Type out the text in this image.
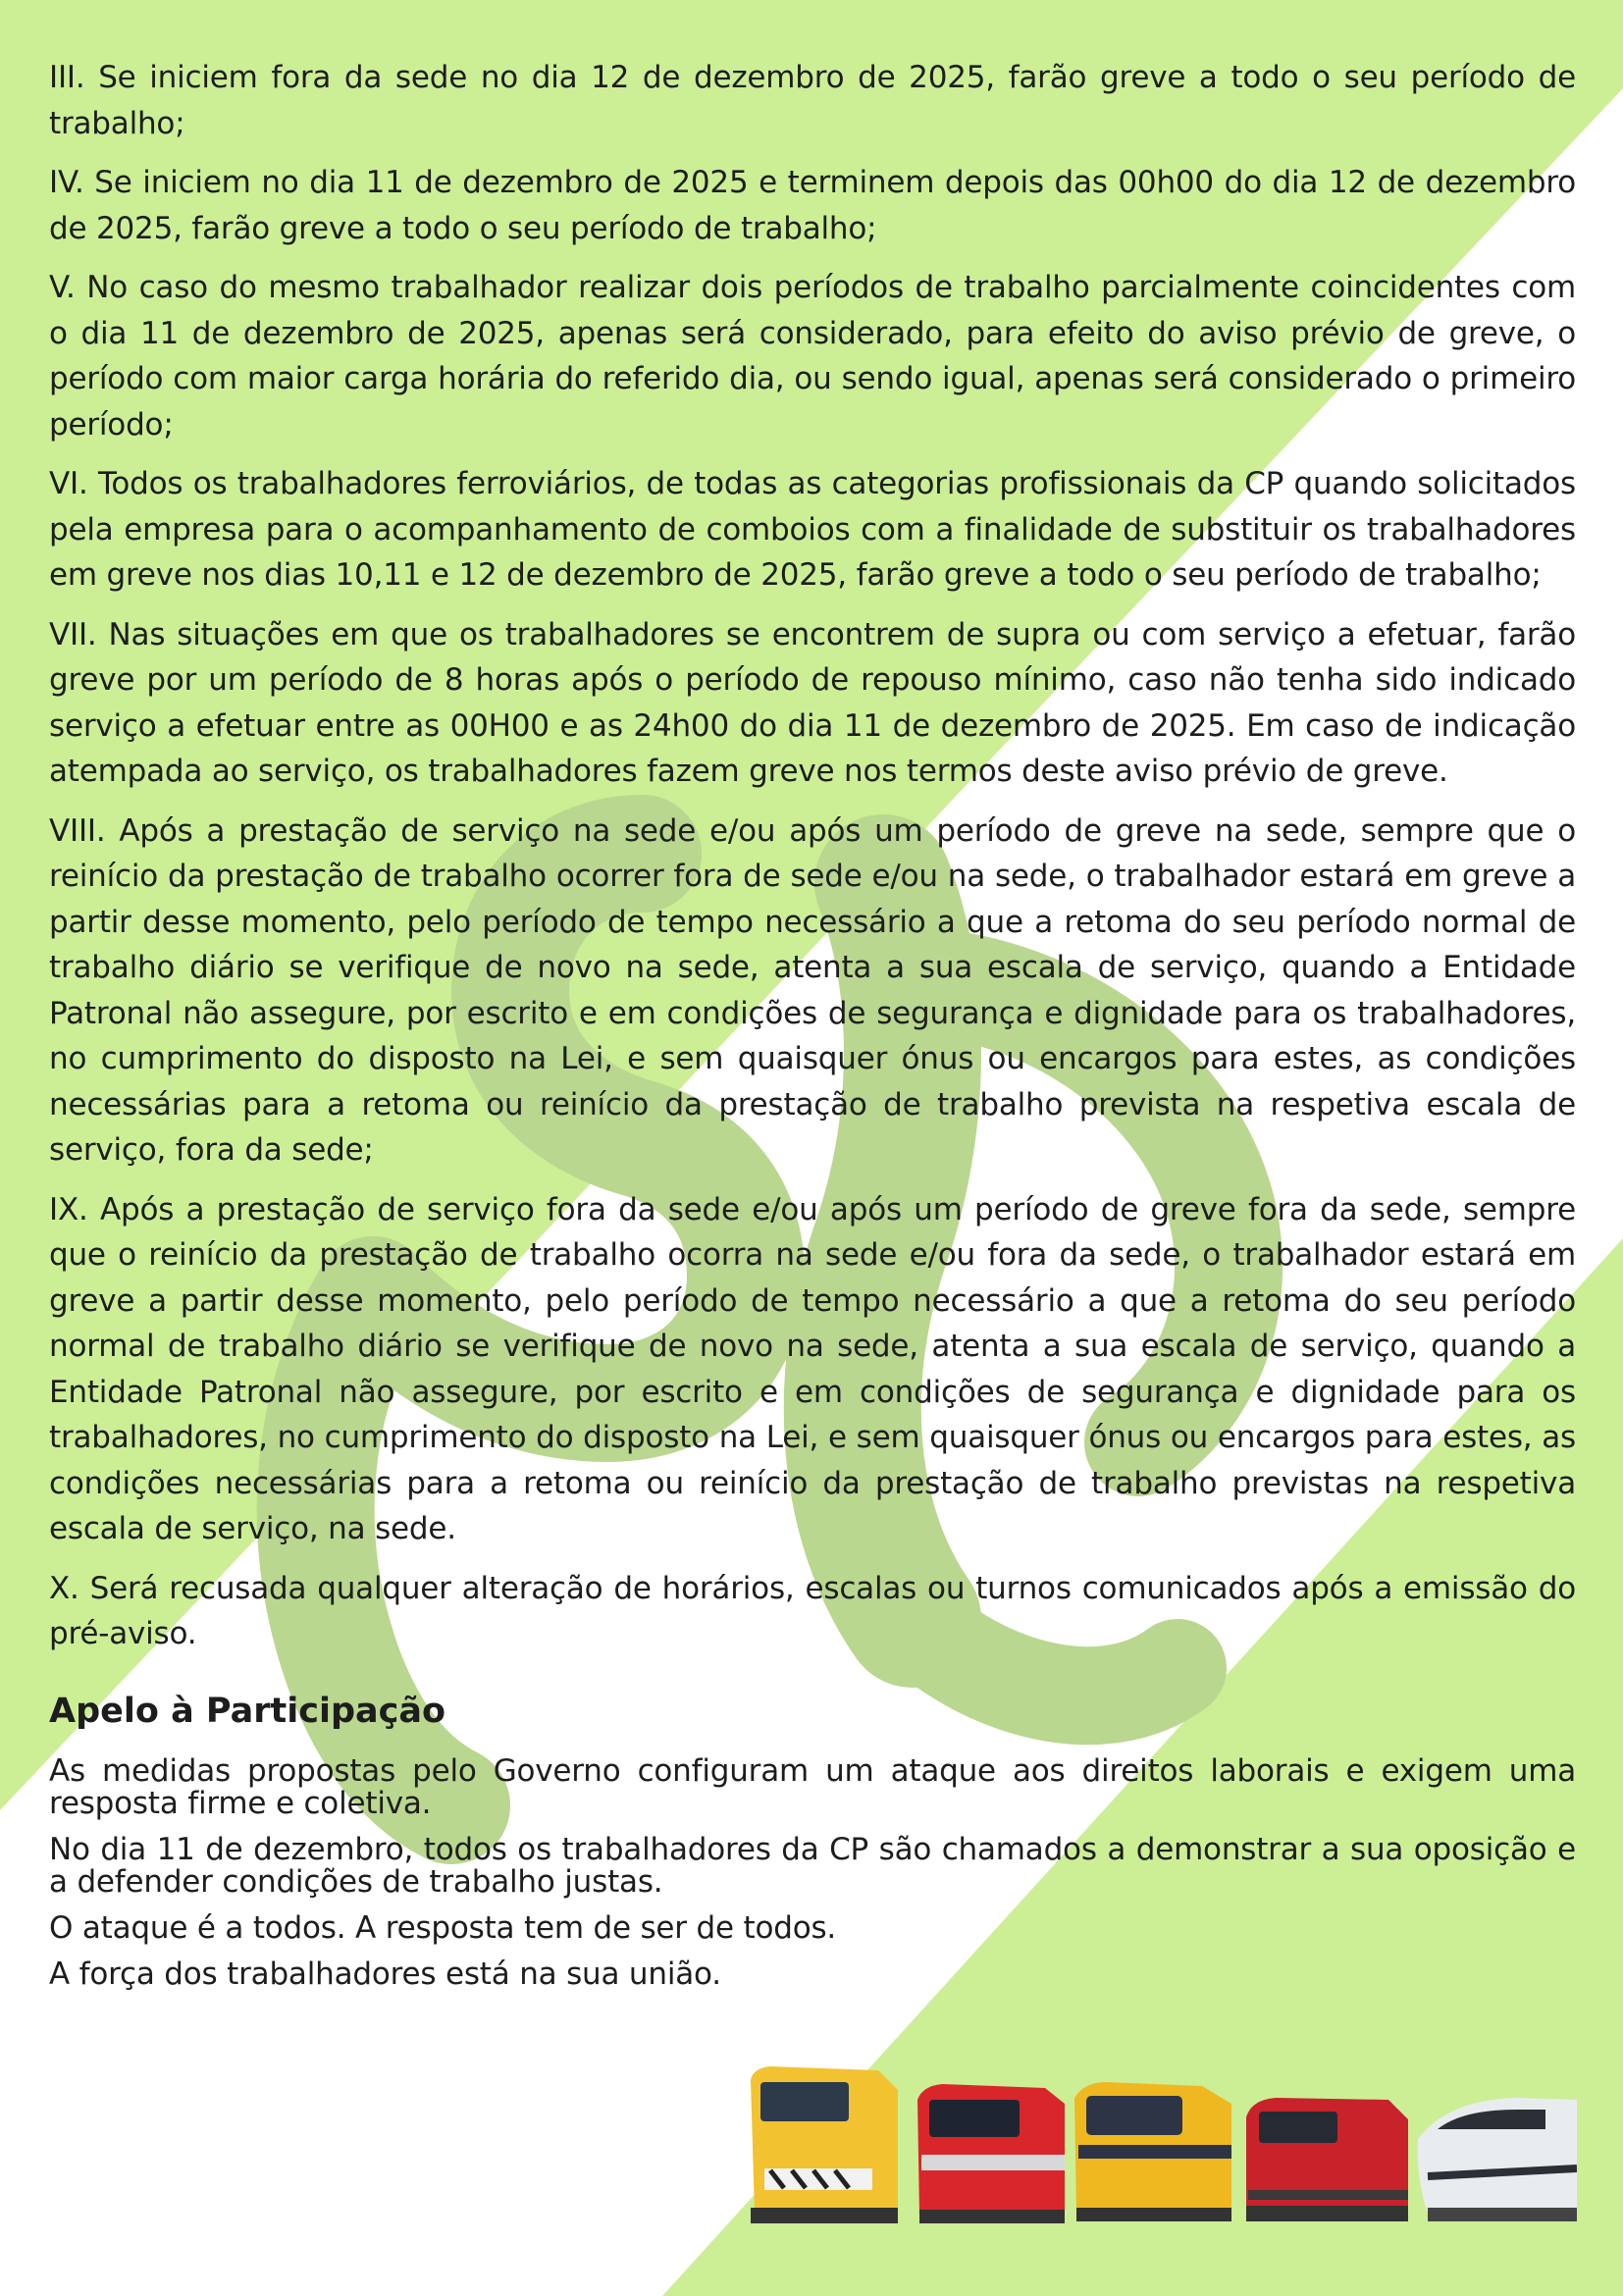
III. Se iniciem fora da sede no dia 12 de dezembro de 2025, farão greve a todo o seu período de trabalho;

IV. Se iniciem no dia 11 de dezembro de 2025 e terminem depois das 00h00 do dia 12 de dezembro de 2025, farão greve a todo o seu período de trabalho;

V. No caso do mesmo trabalhador realizar dois períodos de trabalho parcialmente coincidentes com o dia 11 de dezembro de 2025, apenas será considerado, para efeito do aviso prévio de greve, o período com maior carga horária do referido dia, ou sendo igual, apenas será considerado o primeiro período;

VI. Todos os trabalhadores ferroviários, de todas as categorias profissionais da CP quando solicitados pela empresa para o acompanhamento de comboios com a finalidade de substituir os trabalhadores em greve nos dias 10,11 e 12 de dezembro de 2025, farão greve a todo o seu período de trabalho;

VII. Nas situações em que os trabalhadores se encontrem de supra ou com serviço a efetuar, farão greve por um período de 8 horas após o período de repouso mínimo, caso não tenha sido indicado serviço a efetuar entre as 00H00 e as 24h00 do dia 11 de dezembro de 2025. Em caso de indicação atempada ao serviço, os trabalhadores fazem greve nos termos deste aviso prévio de greve.

VIII. Após a prestação de serviço na sede e/ou após um período de greve na sede, sempre que o reinício da prestação de trabalho ocorrer fora de sede e/ou na sede, o trabalhador estará em greve a partir desse momento, pelo período de tempo necessário a que a retoma do seu período normal de trabalho diário se verifique de novo na sede, atenta a sua escala de serviço, quando a Entidade Patronal não assegure, por escrito e em condições de segurança e dignidade para os trabalhadores, no cumprimento do disposto na Lei, e sem quaisquer ónus ou encargos para estes, as condições necessárias para a retoma ou reinício da prestação de trabalho prevista na respetiva escala de serviço, fora da sede;

IX. Após a prestação de serviço fora da sede e/ou após um período de greve fora da sede, sempre que o reinício da prestação de trabalho ocorra na sede e/ou fora da sede, o trabalhador estará em greve a partir desse momento, pelo período de tempo necessário a que a retoma do seu período normal de trabalho diário se verifique de novo na sede, atenta a sua escala de serviço, quando a Entidade Patronal não assegure, por escrito e em condições de segurança e dignidade para os trabalhadores, no cumprimento do disposto na Lei, e sem quaisquer ónus ou encargos para estes, as condições necessárias para a retoma ou reinício da prestação de trabalho previstas na respetiva escala de serviço, na sede.

X. Será recusada qualquer alteração de horários, escalas ou turnos comunicados após a emissão do pré-aviso.

Apelo à Participação

As medidas propostas pelo Governo configuram um ataque aos direitos laborais e exigem uma resposta firme e coletiva.

No dia 11 de dezembro, todos os trabalhadores da CP são chamados a demonstrar a sua oposição e a defender condições de trabalho justas.

O ataque é a todos. A resposta tem de ser de todos.

A força dos trabalhadores está na sua união.
